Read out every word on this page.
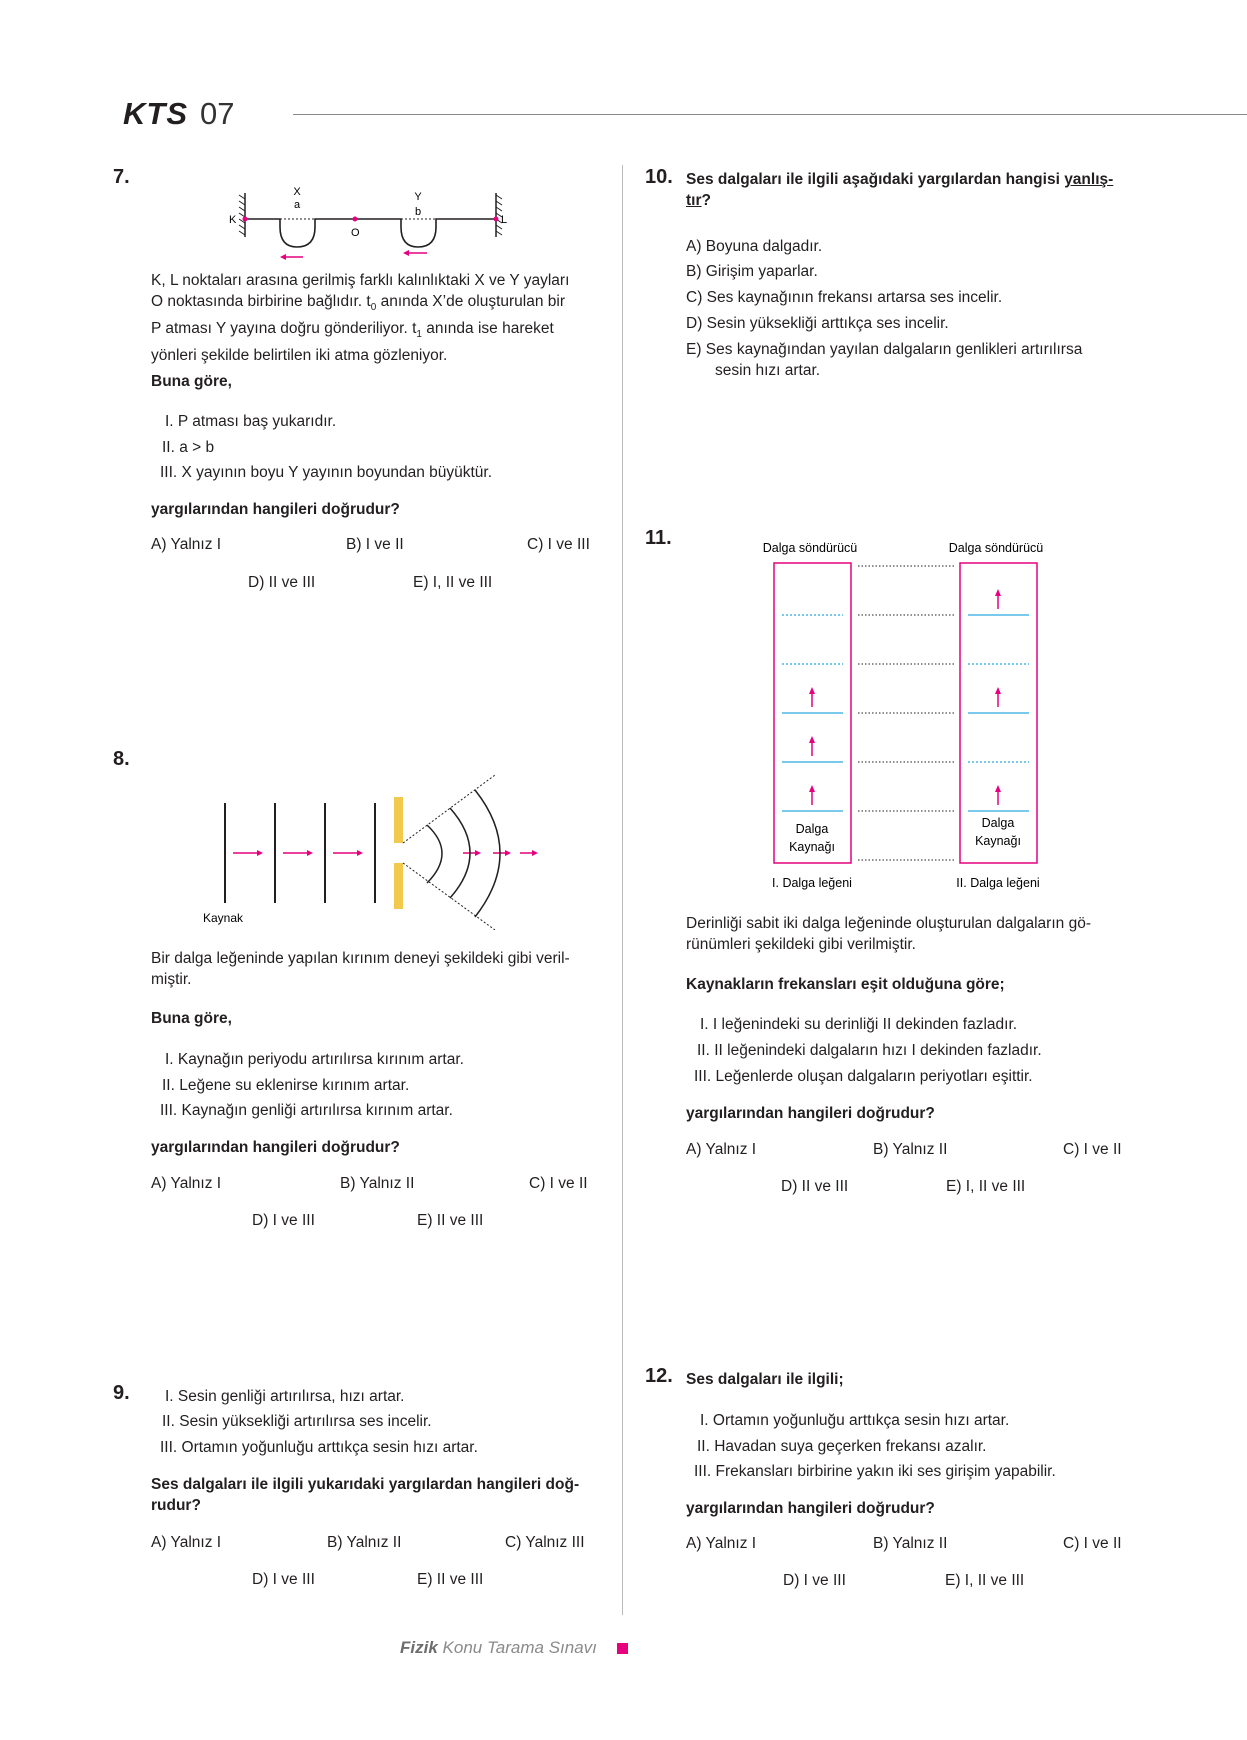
KTS 07
7.
X
a
Y
b
K
O
L
K, L noktaları arasına gerilmiş farklı kalınlıktaki X ve Y yayları
O noktasında birbirine bağlıdır. $t_0$ anında X’de oluşturulan bir
P atması Y yayına doğru gönderiliyor. $t_1$ anında ise hareket
yönleri şekilde belirtilen iki atma gözleniyor.
Buna göre,
I. P atması baş yukarıdır.
II. a > b
III. X yayının boyu Y yayının boyundan büyüktür.
yargılarından hangileri doğrudur?
A) Yalnız I	B) I ve II	C) I ve III
D) II ve III	E) I, II ve III
8.
Kaynak
Bir dalga leğeninde yapılan kırınım deneyi şekildeki gibi veril-
miştir.
Buna göre,
I. Kaynağın periyodu artırılırsa kırınım artar.
II. Leğene su eklenirse kırınım artar.
III. Kaynağın genliği artırılırsa kırınım artar.
yargılarından hangileri doğrudur?
A) Yalnız I	B) Yalnız II	C) I ve II
D) I ve III	E) II ve III
9. I. Sesin genliği artırılırsa, hızı artar.
II. Sesin yüksekliği artırılırsa ses incelir.
III. Ortamın yoğunluğu arttıkça sesin hızı artar.
Ses dalgaları ile ilgili yukarıdaki yargılardan hangileri doğ-
rudur?
A) Yalnız I	B) Yalnız II	C) Yalnız III
D) I ve III	E) II ve III
10. Ses dalgaları ile ilgili aşağıdaki yargılardan hangisi yanlış-
tır?
A) Boyuna dalgadır.
B) Girişim yaparlar.
C) Ses kaynağının frekansı artarsa ses incelir.
D) Sesin yüksekliği arttıkça ses incelir.
E) Ses kaynağından yayılan dalgaların genlikleri artırılırsa
sesin hızı artar.
11.	Dalga söndürücü	Dalga söndürücü
Dalga
Kaynağı
Dalga
Kaynağı
I. Dalga leğeni	II. Dalga leğeni
Derinliği sabit iki dalga leğeninde oluşturulan dalgaların gö-
rünümleri şekildeki gibi verilmiştir.
Kaynakların frekansları eşit olduğuna göre;
I. I leğenindeki su derinliği II dekinden fazladır.
II. II leğenindeki dalgaların hızı I dekinden fazladır.
III. Leğenlerde oluşan dalgaların periyotları eşittir.
yargılarından hangileri doğrudur?
A) Yalnız I	B) Yalnız II	C) I ve II
D) II ve III	E) I, II ve III
12. Ses dalgaları ile ilgili;
I. Ortamın yoğunluğu arttıkça sesin hızı artar.
II. Havadan suya geçerken frekansı azalır.
III. Frekansları birbirine yakın iki ses girişim yapabilir.
yargılarından hangileri doğrudur?
A) Yalnız I	B) Yalnız II	C) I ve II
D) I ve III	E) I, II ve III
Fizik Konu Tarama Sınavı
